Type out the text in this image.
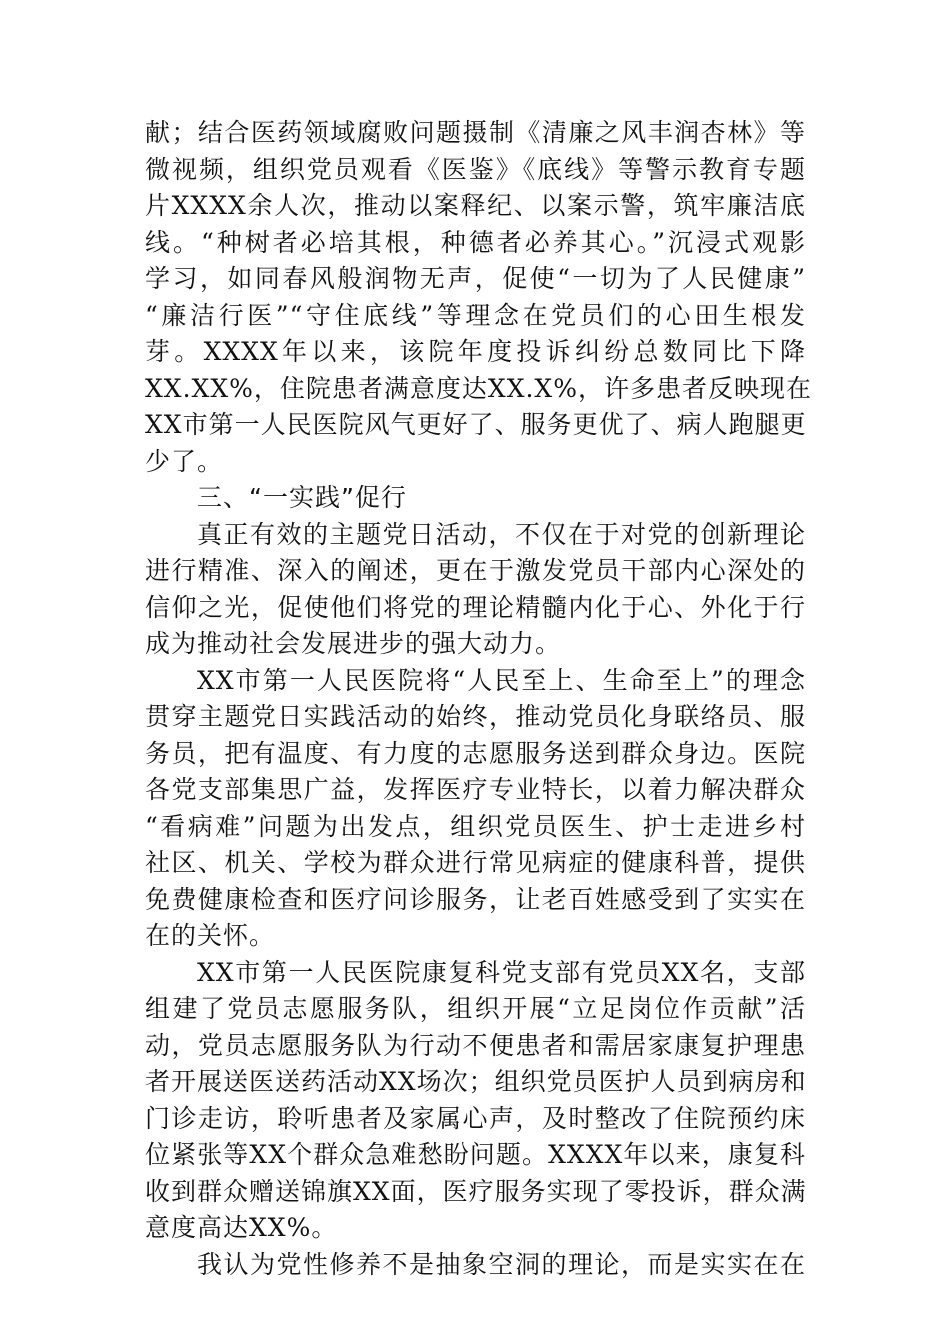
献；结合医药领域腐败问题摄制《清廉之风丰润杏林》等
微视频，组织党员观看《医鉴》《底线》等警示教育专题
片XXXX余人次，推动以案释纪、以案示警，筑牢廉洁底
线。“种树者必培其根，种德者必养其心。”沉浸式观影
学习，如同春风般润物无声，促使“一切为了人民健康”
“廉洁行医”“守住底线”等理念在党员们的心田生根发
芽。XXXX年以来，该院年度投诉纠纷总数同比下降
XX.XX%，住院患者满意度达XX.X%，许多患者反映现在
XX市第一人民医院风气更好了、服务更优了、病人跑腿更
少了。
三、“一实践”促行
真正有效的主题党日活动，不仅在于对党的创新理论
进行精准、深入的阐述，更在于激发党员干部内心深处的
信仰之光，促使他们将党的理论精髓内化于心、外化于行
成为推动社会发展进步的强大动力。
XX市第一人民医院将“人民至上、生命至上”的理念
贯穿主题党日实践活动的始终，推动党员化身联络员、服
务员，把有温度、有力度的志愿服务送到群众身边。医院
各党支部集思广益，发挥医疗专业特长，以着力解决群众
“看病难”问题为出发点，组织党员医生、护士走进乡村
社区、机关、学校为群众进行常见病症的健康科普，提供
免费健康检查和医疗问诊服务，让老百姓感受到了实实在
在的关怀。
XX市第一人民医院康复科党支部有党员XX名，支部
组建了党员志愿服务队，组织开展“立足岗位作贡献”活
动，党员志愿服务队为行动不便患者和需居家康复护理患
者开展送医送药活动XX场次；组织党员医护人员到病房和
门诊走访，聆听患者及家属心声，及时整改了住院预约床
位紧张等XX个群众急难愁盼问题。XXXX年以来，康复科
收到群众赠送锦旗XX面，医疗服务实现了零投诉，群众满
意度高达XX%。
我认为党性修养不是抽象空洞的理论，而是实实在在
